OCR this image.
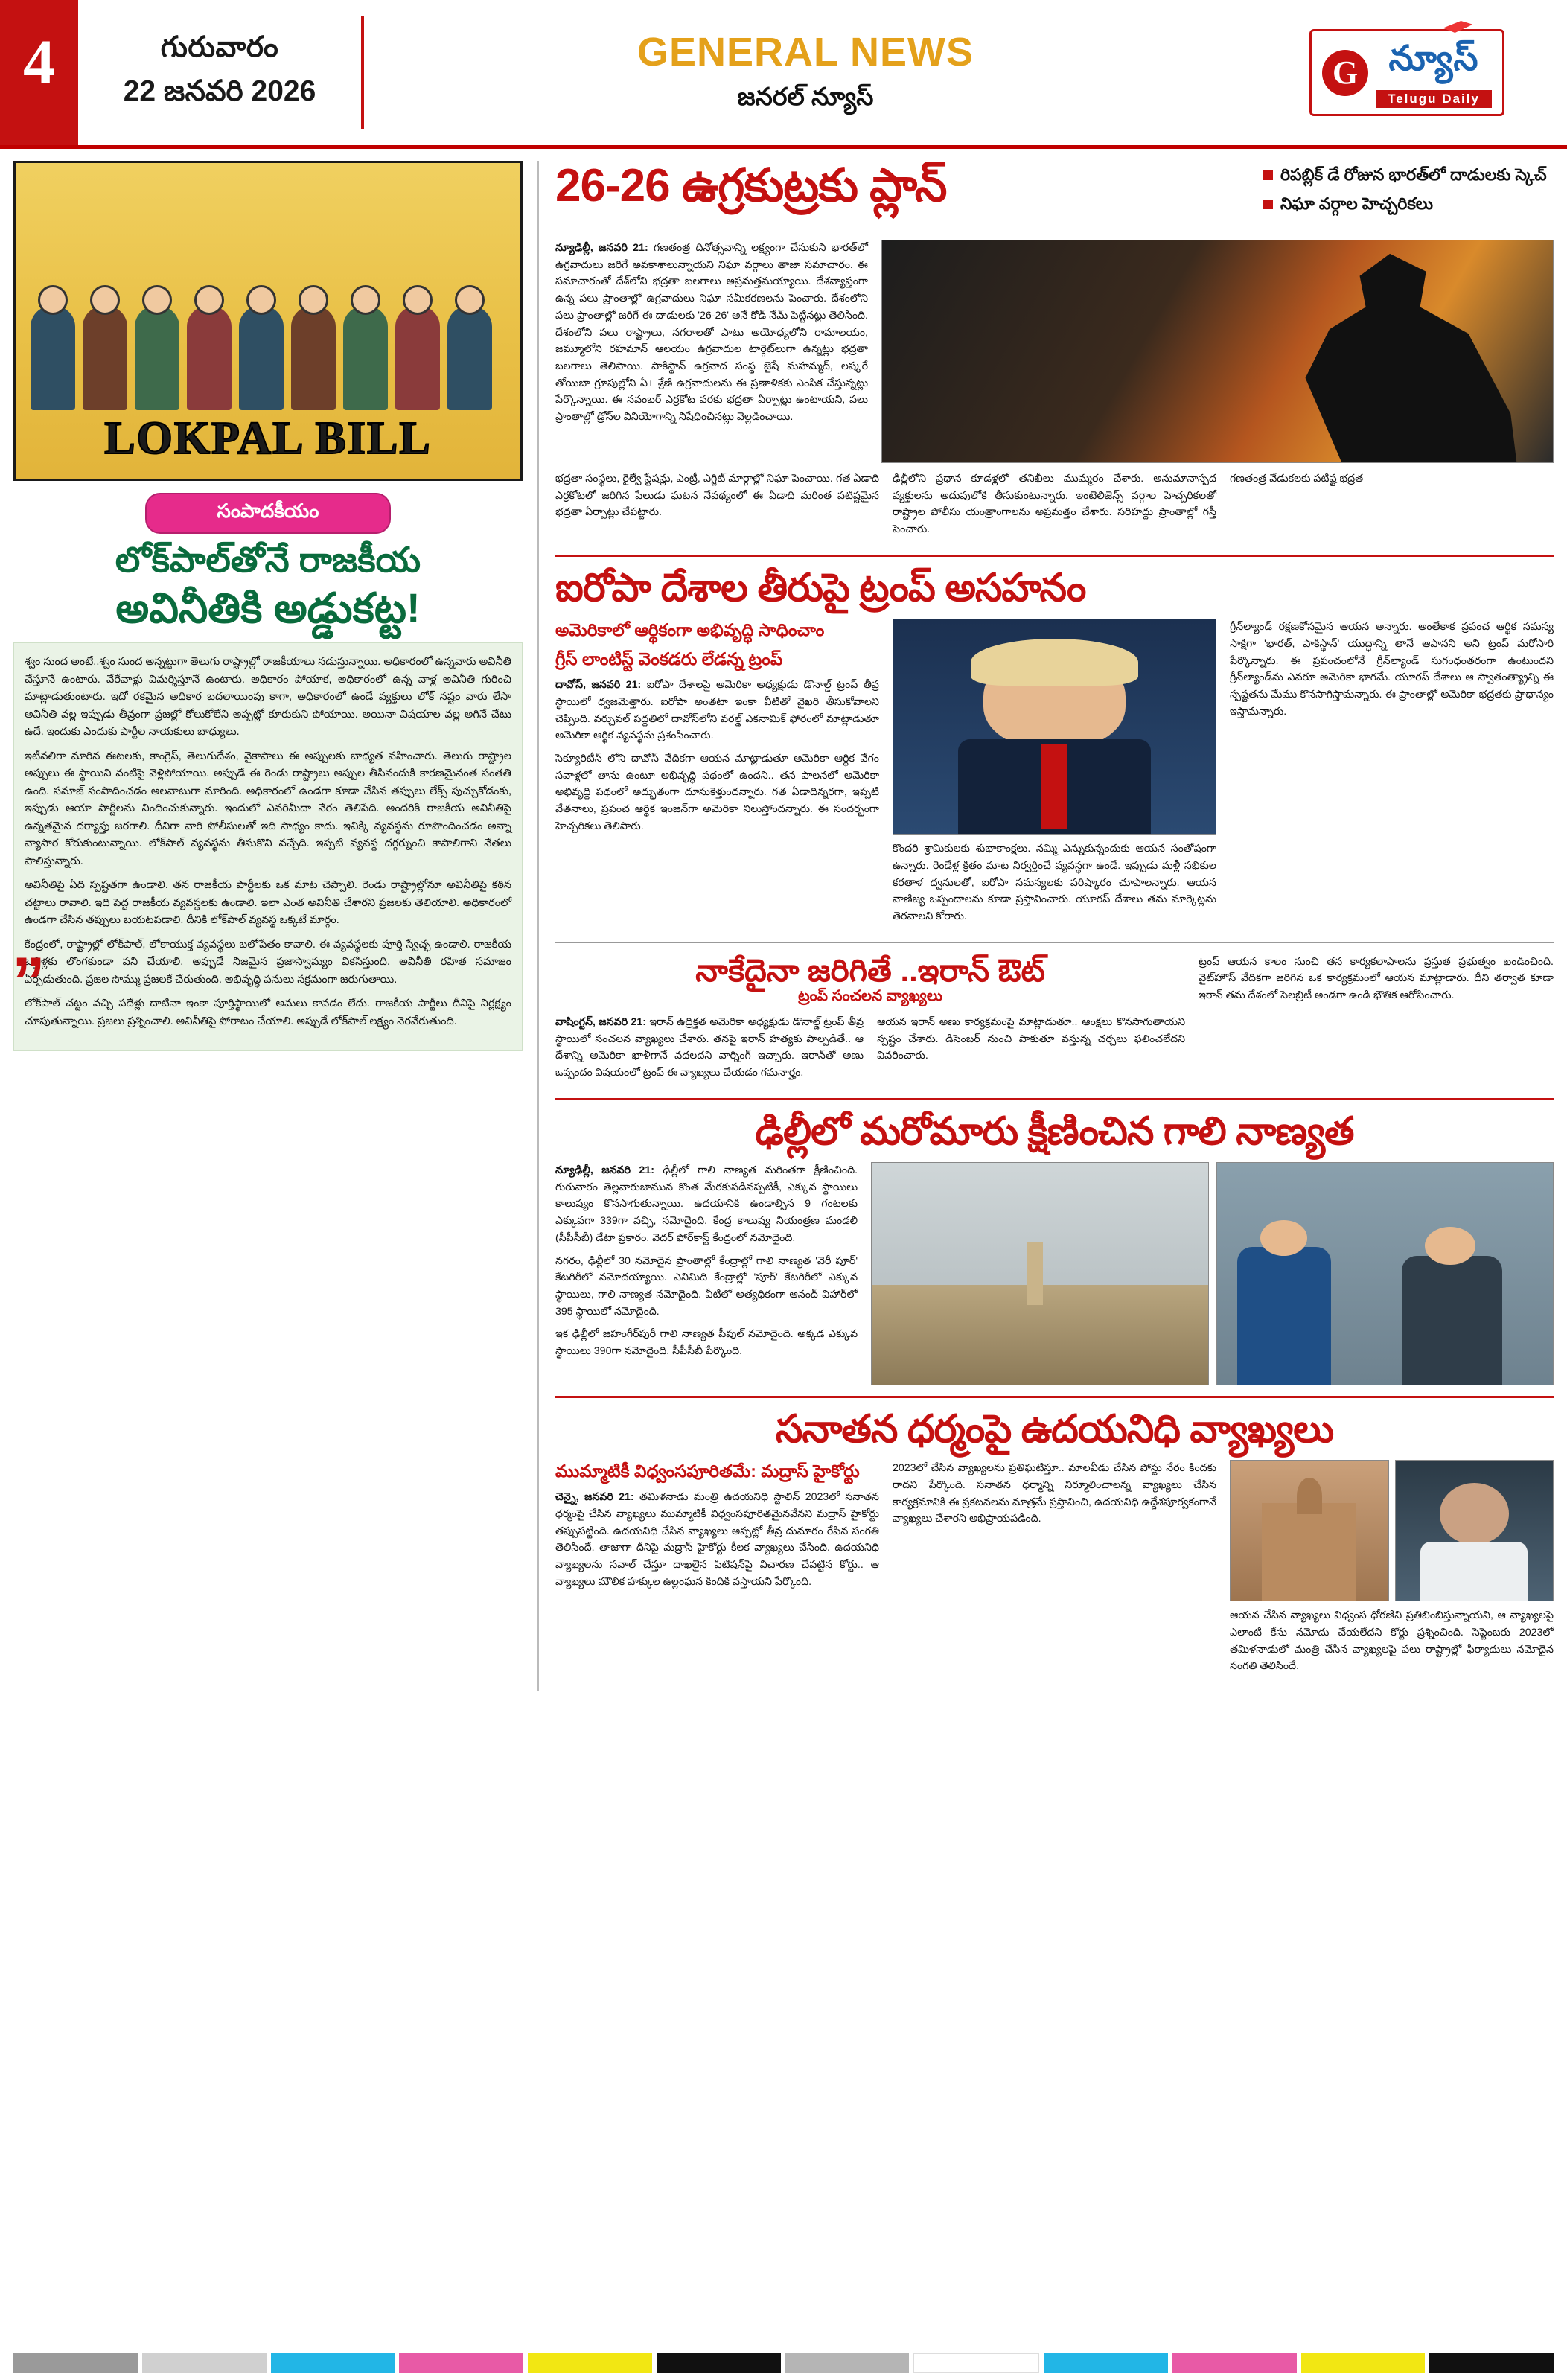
4	గురువారం
22 జనవరి 2026
GENERAL NEWS
జనరల్ న్యూస్
G న్యూస్
Telugu Daily
LOKPAL BILL
సంపాదకీయం
లోక్‌పాల్‌తోనే రాజకీయ
అవినీతికి అడ్డుకట్ట!

శ్వం సుంద అంటే..శ్వం సుంద అన్నట్టుగా తెలుగు రాష్ట్రాల్లో రాజకీయాలు నడుస్తున్నాయి. అధికారంలో ఉన్నవారు అవినీతి చేస్తూనే ఉంటారు. వేరేవాళ్లు విమర్శిస్తూనే ఉంటారు. అధికారం పోయాక, అధికారంలో ఉన్న వాళ్ల అవినీతి గురించి మాట్లాడుతుంటారు. ఇదో రకమైన అధికార బదలాయింపు కాగా, అధికారంలో ఉండే వ్యక్తులు లోక్ నష్టం వారు లేసా అవినీతి వల్ల ఇప్పుడు తీవ్రంగా ప్రజల్లో కోలుకోలేని అప్పట్లో కూరుకుని పోయాయి. అయినా విషయాల వల్ల అగినే చేటు ఉదే. ఇందుకు ఎందుకు పార్టీల నాయకులు బాధ్యులు.

ఇటీవలిగా మారిన ఈటలకు, కాంగ్రెస్, తెలుగుదేశం, వైకాపాలు ఈ అప్పులకు బాధ్యత వహించారు. తెలుగు రాష్ట్రాల అప్పులు ఈ స్థాయిని వంటిపై వెళ్లిపోయాయి. అప్పుడే ఈ రెండు రాష్ట్రాలు అప్పుల తీసినందుకి కారణమైనంత సంతతి ఉంది. సమాజ్ సంపాదించడం అలవాటుగా మారింది. అధికారంలో ఉండగా కూడా చేసిన తప్పులు లేక్స్ పుచ్చుకోడంకు, ఇప్పుడు ఆయా పార్టీలను నిందించుకున్నారు. ఇందులో ఎవరిమీదా నేరం తెలిపేది. అందరికి రాజకీయ అవినీతిపై ఉన్నతమైన దర్యాప్తు జరగాలి. దీనిగా వారి పోలీసులతో ఇది సాధ్యం కాదు. ఇవిక్కి వ్యవస్థను రూపొందించడం అన్నా వ్యాసార కోరుకుంటున్నాయి. లోక్‌పాల్ వ్యవస్థను తీసుకొని వచ్చేది. ఇప్పటి వ్యవస్థ దగ్గర్నుంచి కాపాలిగాని నేతలు పాలిస్తున్నారు.

అవినీతిపై ఏది స్పష్టతగా ఉండాలి. తన రాజకీయ పార్టీలకు ఒక మాట చెప్పాలి. రెండు రాష్ట్రాల్లోనూ అవినీతిపై కఠిన చట్టాలు రావాలి. ఇది పెద్ద రాజకీయ వ్యవస్థలకు ఉండాలి. ఇలా ఎంత అవినీతి చేశారని ప్రజలకు తెలియాలి. అధికారంలో ఉండగా చేసిన తప్పులు బయటపడాలి. దీనికి లోక్‌పాల్ వ్యవస్థ ఒక్కటే మార్గం.

కేంద్రంలో, రాష్ట్రాల్లో లోక్‌పాల్, లోకాయుక్త వ్యవస్థలు బలోపేతం కావాలి. ఈ వ్యవస్థలకు పూర్తి స్వేచ్ఛ ఉండాలి. రాజకీయ ఒత్తిళ్లకు లొంగకుండా పని చేయాలి. అప్పుడే నిజమైన ప్రజాస్వామ్యం వికసిస్తుంది. అవినీతి రహిత సమాజం ఏర్పడుతుంది. ప్రజల సొమ్ము ప్రజలకే చేరుతుంది. అభివృద్ధి పనులు సక్రమంగా జరుగుతాయి.

లోక్‌పాల్ చట్టం వచ్చి పదేళ్లు దాటినా ఇంకా పూర్తిస్థాయిలో అమలు కావడం లేదు. రాజకీయ పార్టీలు దీనిపై నిర్లక్ష్యం చూపుతున్నాయి. ప్రజలు ప్రశ్నించాలి. అవినీతిపై పోరాటం చేయాలి. అప్పుడే లోక్‌పాల్ లక్ష్యం నెరవేరుతుంది.

„
26-26 ఉగ్రకుట్రకు ప్లాన్	రిపబ్లిక్ డే రోజున భారత్‌లో దాడులకు స్కెచ్
నిఘా వర్గాల హెచ్చరికలు

న్యూఢిల్లీ, జనవరి 21: గణతంత్ర దినోత్సవాన్ని లక్ష్యంగా చేసుకుని భారత్‌లో ఉగ్రవాదులు జరిగే అవకాశాలున్నాయని నిఘా వర్గాలు తాజా సమాచారం. ఈ సమాచారంతో దేశ్‌లోని భద్రతా బలగాలు అప్రమత్తమయ్యాయి. దేశవ్యాప్తంగా ఉన్న పలు ప్రాంతాల్లో ఉగ్రవాదులు నిఘా సమీకరణలను పెంచారు. దేశంలోని పలు ప్రాంతాల్లో జరిగే ఈ దాడులకు '26-26' అనే కోడ్ నేమ్ పెట్టినట్లు తెలిసింది. దేశంలోని పలు రాష్ట్రాలు, నగరాలతో పాటు అయోధ్యలోని రామాలయం, జమ్మూలోని రహమాన్ ఆలయం ఉగ్రవాదుల టార్గెట్‌లుగా ఉన్నట్లు భద్రతా బలగాలు తెలిపాయి. పాకిస్థాన్ ఉగ్రవాద సంస్థ జైషే మహమ్మద్, లష్కరే తోయిబా గ్రూపుల్లోని ఏ+ శ్రేణి ఉగ్రవాదులను ఈ ప్రణాళికకు ఎంపిక చేస్తున్నట్లు పేర్కొన్నాయి. ఈ నవంబర్ ఎర్రకోట వరకు భద్రతా ఏర్పాట్లు ఉంటాయని, పలు ప్రాంతాల్లో డ్రోన్‌ల వినియోగాన్ని నిషేధించినట్లు వెల్లడించాయి.

భద్రతా సంస్థలు, రైల్వే స్టేషన్లు, ఎంట్రీ, ఎగ్జిట్ మార్గాల్లో నిఘా పెంచాయి. గత ఏడాది ఎర్రకోటలో జరిగిన పేలుడు ఘటన నేపథ్యంలో ఈ ఏడాది మరింత పటిష్టమైన భద్రతా ఏర్పాట్లు చేపట్టారు.

ఢిల్లీలోని ప్రధాన కూడళ్లలో తనిఖీలు ముమ్మరం చేశారు. అనుమానాస్పద వ్యక్తులను అదుపులోకి తీసుకుంటున్నారు. ఇంటెలిజెన్స్ వర్గాల హెచ్చరికలతో రాష్ట్రాల పోలీసు యంత్రాంగాలను అప్రమత్తం చేశారు. సరిహద్దు ప్రాంతాల్లో గస్తీ పెంచారు.

గణతంత్ర వేడుకలకు పటిష్ట భద్రత

ఐరోపా దేశాల తీరుపై ట్రంప్ అసహనం
అమెరికాలో ఆర్థికంగా అభివృద్ధి సాధించాం
గ్రీస్ లాంటిస్ట్ వెంకడరు లేడన్న ట్రంప్

దావోస్, జనవరి 21: ఐరోపా దేశాలపై అమెరికా అధ్యక్షుడు డొనాల్డ్ ట్రంప్ తీవ్ర స్థాయిలో ధ్వజమెత్తారు. ఐరోపా అంతటా ఇంకా వీటితో వైఖరి తీసుకోవాలని చెప్పింది. వర్చువల్ పద్ధతిలో దావోస్‌లోని వరల్డ్ ఎకనామిక్ ఫోరంలో మాట్లాడుతూ అమెరికా ఆర్థిక వ్యవస్థను ప్రశంసించారు.

సెక్యూరిటీస్ లోని దావోస్ వేదికగా ఆయన మాట్లాడుతూ అమెరికా ఆర్థిక వేగం సవాళ్లలో తాను ఉంటూ అభివృద్ధి పథంలో ఉందని.. తన పాలనలో అమెరికా అభివృద్ధి పథంలో అద్భుతంగా దూసుకెళ్తుందన్నారు. గత ఏడాదిన్నరగా, ఇప్పటి వేతనాలు, ప్రపంచ ఆర్థిక ఇంజన్‌గా అమెరికా నిలుస్తోందన్నారు. ఈ సందర్భంగా హెచ్చరికలు తెలిపారు.

కొందరి శ్రామికులకు శుభాకాంక్షలు. నమ్మి ఎన్నుకున్నందుకు ఆయన సంతోషంగా ఉన్నారు. రెండేళ్ల క్రితం మాట నిర్వర్తించే వ్యవస్థగా ఉండే. ఇప్పుడు మళ్లీ సభికుల కరతాళ ధ్వనులతో, ఐరోపా సమస్యలకు పరిష్కారం చూపాలన్నారు. ఆయన వాణిజ్య ఒప్పందాలను కూడా ప్రస్తావించారు. యూరప్ దేశాలు తమ మార్కెట్లను తెరవాలని కోరారు.

గ్రీన్‌ల్యాండ్ రక్షణకోసమైన ఆయన అన్నారు. అంతేకాక ప్రపంచ ఆర్థిక సమస్య సాక్షిగా 'భారత్, పాకిస్థాన్' యుద్ధాన్ని తానే ఆపానని అని ట్రంప్ మరోసారి పేర్కొన్నారు. ఈ ప్రపంచంలోనే గ్రీన్‌ల్యాండ్ సుగంధంతరంగా ఉంటుందని గ్రీన్‌ల్యాండ్‌ను ఎవరూ అమెరికా భాగమే. యూరప్ దేశాలు ఆ స్వాతంత్య్రాన్ని ఈ స్పష్టతను మేము కొనసాగిస్తామన్నారు. ఈ ప్రాంతాల్లో అమెరికా భద్రతకు ప్రాధాన్యం ఇస్తామన్నారు.

నాకేదైనా జరిగితే ..ఇరాన్ ఔట్
ట్రంప్ సంచలన వ్యాఖ్యలు

వాషింగ్టన్, జనవరి 21: ఇరాన్ ఉద్రిక్తత అమెరికా అధ్యక్షుడు డొనాల్డ్ ట్రంప్ తీవ్ర స్థాయిలో సంచలన వ్యాఖ్యలు చేశారు. తనపై ఇరాన్ హత్యకు పాల్పడితే.. ఆ దేశాన్ని అమెరికా ఖాళీగానే వదలదని వార్నింగ్ ఇచ్చారు. ఇరాన్‌తో అణు ఒప్పందం విషయంలో ట్రంప్ ఈ వ్యాఖ్యలు చేయడం గమనార్హం.

ఆయన ఇరాన్ అణు కార్యక్రమంపై మాట్లాడుతూ.. ఆంక్షలు కొనసాగుతాయని స్పష్టం చేశారు. డిసెంబర్ నుంచి పాకుతూ వస్తున్న చర్చలు ఫలించలేదని వివరించారు.

ట్రంప్ ఆయన కాలం నుంచి తన కార్యకలాపాలను ప్రస్తుత ప్రభుత్వం ఖండించింది. వైట్‌హౌస్ వేదికగా జరిగిన ఒక కార్యక్రమంలో ఆయన మాట్లాడారు. దీని తర్వాత కూడా ఇరాన్ తమ దేశంలో సెలబ్రిటీ అండగా ఉండి భౌతిక ఆరోపించారు.

ఢిల్లీలో మరోమారు క్షీణించిన గాలి నాణ్యత

న్యూఢిల్లీ, జనవరి 21: ఢిల్లీలో గాలి నాణ్యత మరింతగా క్షీణించింది. గురువారం తెల్లవారుజామున కొంత మేరకుపడినప్పటికీ, ఎక్కువ స్థాయిలు కాలుష్యం కొనసాగుతున్నాయి. ఉదయానికి ఉండాల్సిన 9 గంటలకు ఎక్కువగా 339గా వచ్చి, నమోదైంది. కేంద్ర కాలుష్య నియంత్రణ మండలి (సీపీసీబీ) డేటా ప్రకారం, వెదర్ ఫోర్‌కాస్ట్ కేంద్రంలో నమోదైంది.

నగరం, ఢిల్లీలో 30 నమోదైన ప్రాంతాల్లో కేంద్రాల్లో గాలి నాణ్యత 'వెరీ పూర్' కేటగిరీలో నమోదయ్యాయి. ఎనిమిది కేంద్రాల్లో 'పూర్' కేటగిరీలో ఎక్కువ స్థాయిలు, గాలి నాణ్యత నమోదైంది. వీటిలో అత్యధికంగా ఆనంద్ విహార్‌లో 395 స్థాయిలో నమోదైంది.

ఇక ఢిల్లీలో జహంగీర్‌పురీ గాలి నాణ్యత పీపుల్ నమోదైంది. అక్కడ ఎక్కువ స్థాయిలు 390గా నమోదైంది. సీపీసీబీ పేర్కొంది.

సనాతన ధర్మంపై ఉదయనిధి వ్యాఖ్యలు
ముమ్మాటికీ విధ్వంసపూరితమే: మద్రాస్ హైకోర్టు

చెన్నై, జనవరి 21: తమిళనాడు మంత్రి ఉదయనిధి స్టాలిన్ 2023లో సనాతన ధర్మంపై చేసిన వ్యాఖ్యలు ముమ్మాటికీ విధ్వంసపూరితమైనవేనని మద్రాస్ హైకోర్టు తప్పుపట్టింది. ఉదయనిధి చేసిన వ్యాఖ్యలు అప్పట్లో తీవ్ర దుమారం రేపిన సంగతి తెలిసిందే. తాజాగా దీనిపై మద్రాస్ హైకోర్టు కీలక వ్యాఖ్యలు చేసింది. ఉదయనిధి వ్యాఖ్యలను సవాల్ చేస్తూ దాఖలైన పిటిషన్‌పై విచారణ చేపట్టిన కోర్టు.. ఆ వ్యాఖ్యలు మౌలిక హక్కుల ఉల్లంఘన కిందికి వస్తాయని పేర్కొంది.

2023లో చేసిన వ్యాఖ్యలను ప్రతిఘటిస్తూ.. మాలవీడు చేసిన పోస్టు నేరం కిందకు రాదని పేర్కొంది. సనాతన ధర్మాన్ని నిర్మూలించాలన్న వ్యాఖ్యలు చేసిన కార్యక్రమానికి ఈ ప్రకటనలను మాత్రమే ప్రస్తావించి, ఉదయనిధి ఉద్దేశపూర్వకంగానే వ్యాఖ్యలు చేశారని అభిప్రాయపడింది.

ఆయన చేసిన వ్యాఖ్యలు విధ్వంస ధోరణిని ప్రతిబింబిస్తున్నాయని, ఆ వ్యాఖ్యలపై ఎలాంటి కేసు నమోదు చేయలేదని కోర్టు ప్రశ్నించింది. సెప్టెంబరు 2023లో తమిళనాడులో మంత్రి చేసిన వ్యాఖ్యలపై పలు రాష్ట్రాల్లో ఫిర్యాదులు నమోదైన సంగతి తెలిసిందే.
